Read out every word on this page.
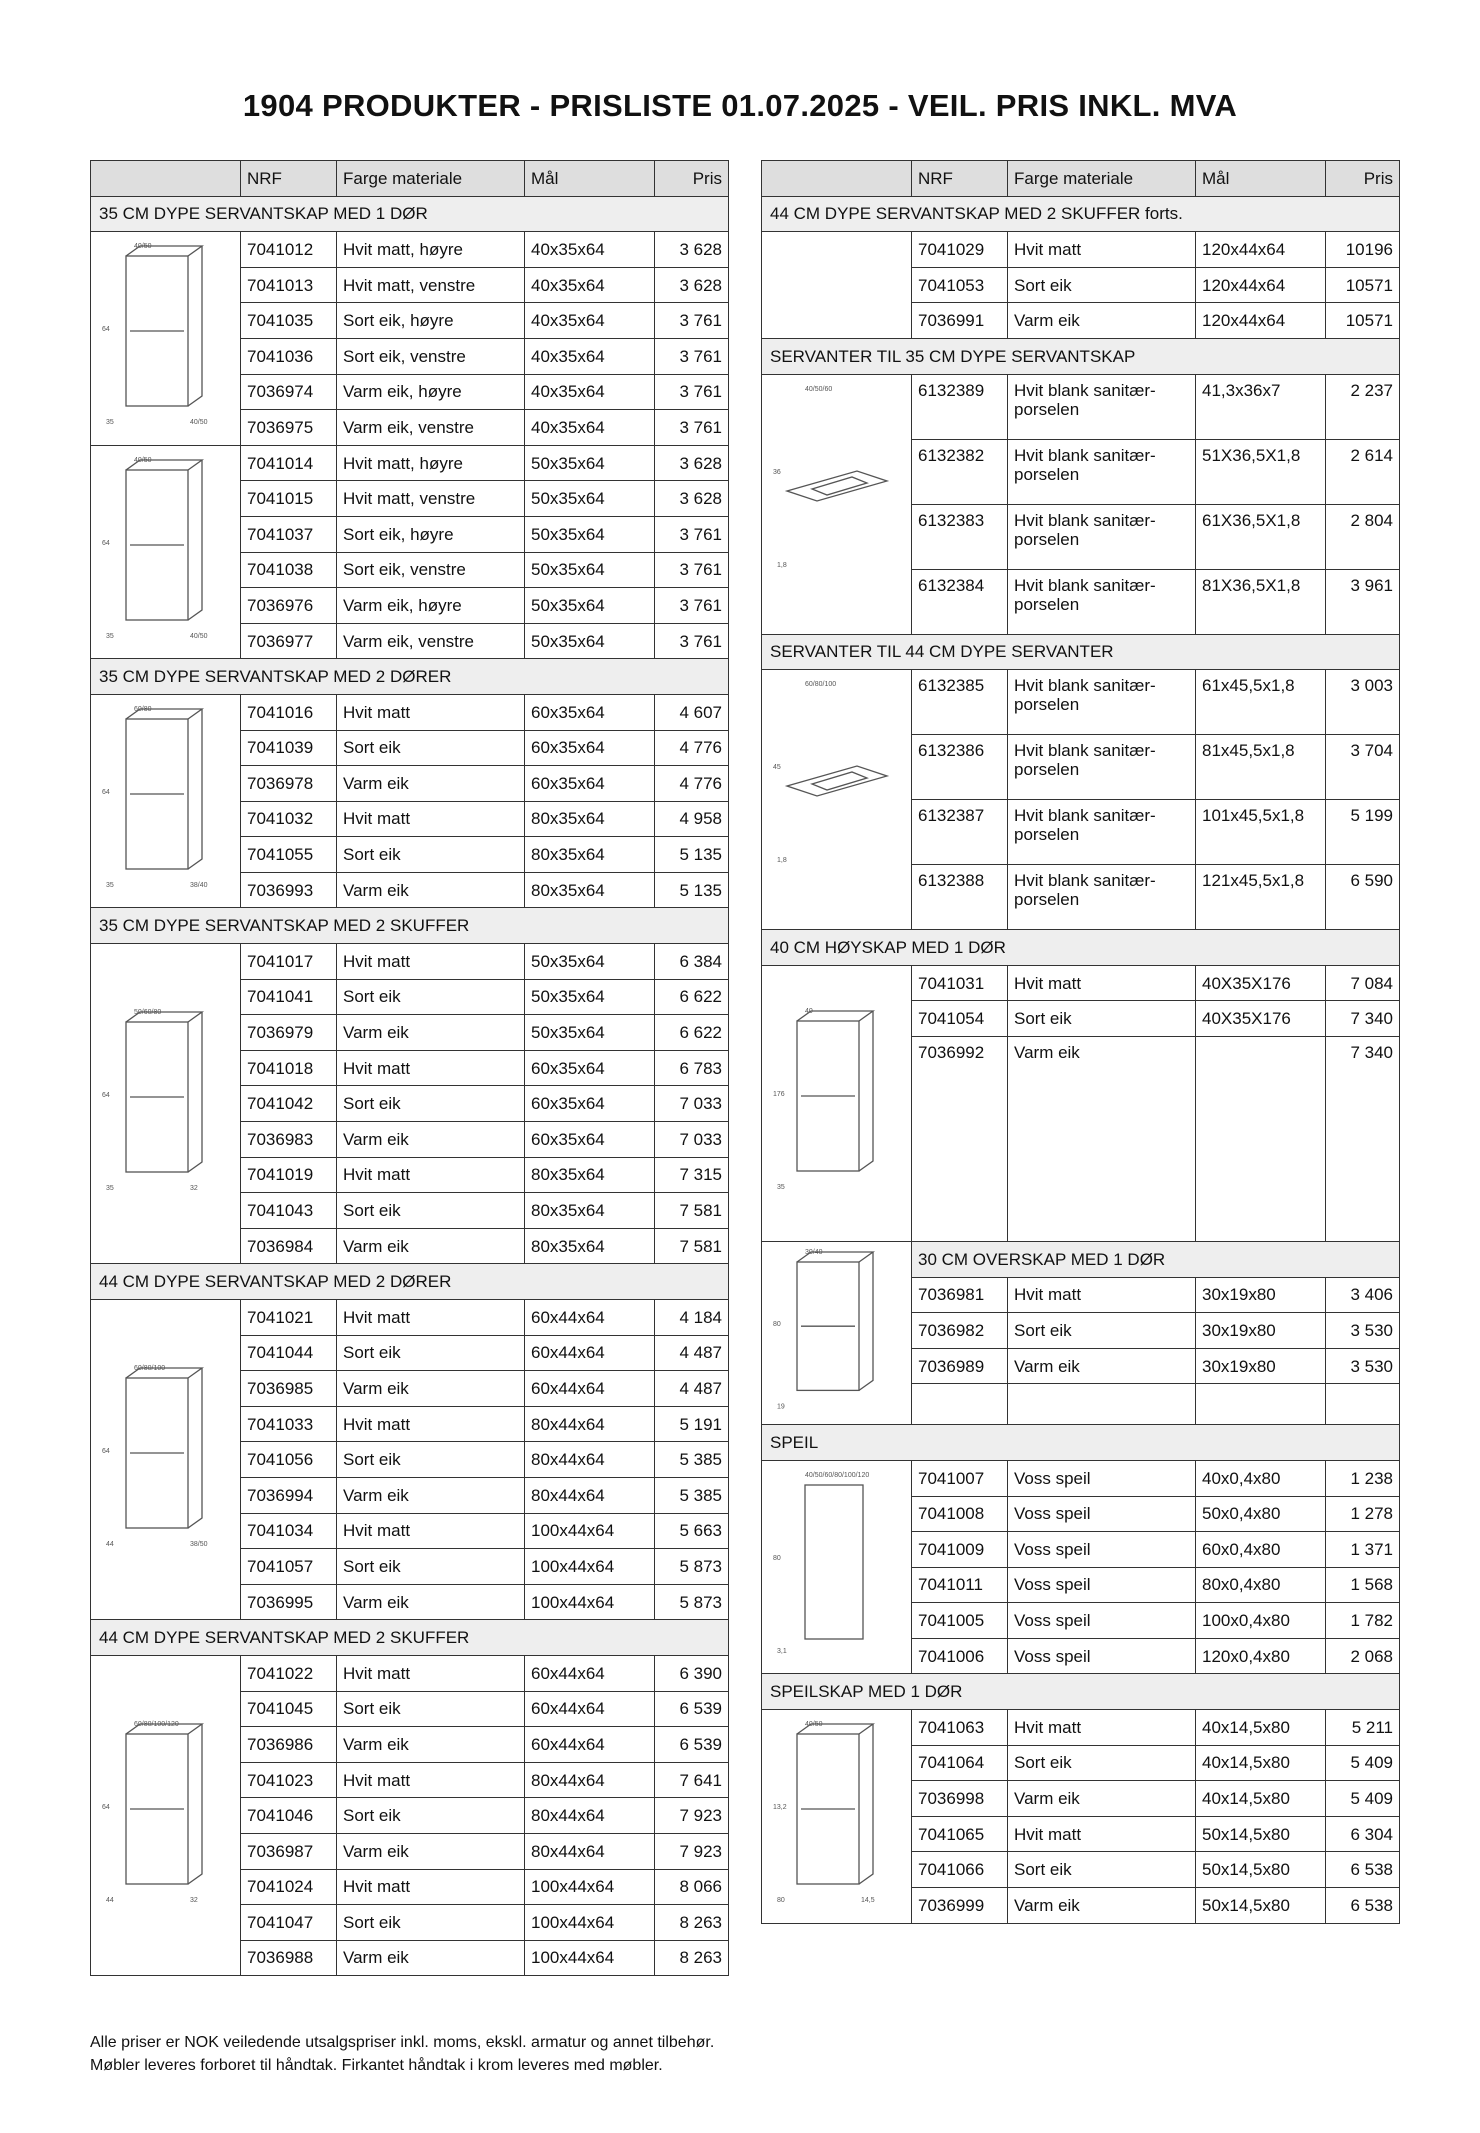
1904 PRODUKTER - PRISLISTE 01.07.2025 - VEIL. PRIS INKL. MVA
	NRF	Farge materiale	Mål	Pris
35 CM DYPE SERVANTSKAP MED 1 DØR				

40/50
64
35 40/50	7041012	Hvit matt, høyre	40x35x64	3 628
	7041013	Hvit matt, venstre	40x35x64	3 628
	7041035	Sort eik, høyre	40x35x64	3 761
	7041036	Sort eik, venstre	40x35x64	3 761
	7036974	Varm eik, høyre	40x35x64	3 761
	7036975	Varm eik, venstre	40x35x64	3 761

40/50
64
35 40/50	7041014	Hvit matt, høyre	50x35x64	3 628
	7041015	Hvit matt, venstre	50x35x64	3 628
	7041037	Sort eik, høyre	50x35x64	3 761
	7041038	Sort eik, venstre	50x35x64	3 761
	7036976	Varm eik, høyre	50x35x64	3 761
	7036977	Varm eik, venstre	50x35x64	3 761
35 CM DYPE SERVANTSKAP MED 2 DØRER				

60/80
64
35 38/40	7041016	Hvit matt	60x35x64	4 607
	7041039	Sort eik	60x35x64	4 776
	7036978	Varm eik	60x35x64	4 776
	7041032	Hvit matt	80x35x64	4 958
	7041055	Sort eik	80x35x64	5 135
	7036993	Varm eik	80x35x64	5 135
35 CM DYPE SERVANTSKAP MED 2 SKUFFER				

50/60/80
64
35 32	7041017	Hvit matt	50x35x64	6 384
	7041041	Sort eik	50x35x64	6 622
	7036979	Varm eik	50x35x64	6 622
	7041018	Hvit matt	60x35x64	6 783
	7041042	Sort eik	60x35x64	7 033
	7036983	Varm eik	60x35x64	7 033
	7041019	Hvit matt	80x35x64	7 315
	7041043	Sort eik	80x35x64	7 581
	7036984	Varm eik	80x35x64	7 581
44 CM DYPE SERVANTSKAP MED 2 DØRER				

60/80/100
64
44 38/50	7041021	Hvit matt	60x44x64	4 184
	7041044	Sort eik	60x44x64	4 487
	7036985	Varm eik	60x44x64	4 487
	7041033	Hvit matt	80x44x64	5 191
	7041056	Sort eik	80x44x64	5 385
	7036994	Varm eik	80x44x64	5 385
	7041034	Hvit matt	100x44x64	5 663
	7041057	Sort eik	100x44x64	5 873
	7036995	Varm eik	100x44x64	5 873
44 CM DYPE SERVANTSKAP MED 2 SKUFFER				

60/80/100/120
64
44 32	7041022	Hvit matt	60x44x64	6 390
	7041045	Sort eik	60x44x64	6 539
	7036986	Varm eik	60x44x64	6 539
	7041023	Hvit matt	80x44x64	7 641
	7041046	Sort eik	80x44x64	7 923
	7036987	Varm eik	80x44x64	7 923
	7041024	Hvit matt	100x44x64	8 066
	7041047	Sort eik	100x44x64	8 263
	7036988	Varm eik	100x44x64	8 263
	NRF	Farge materiale	Mål	Pris
44 CM DYPE SERVANTSKAP MED 2 SKUFFER forts.				
	7041029	Hvit matt	120x44x64	10196
	7041053	Sort eik	120x44x64	10571
	7036991	Varm eik	120x44x64	10571
SERVANTER TIL 35 CM DYPE SERVANTSKAP				

40/50/60
36
1,8	6132389	Hvit blank sanitær-porselen	41,3x36x7	2 237
	6132382	Hvit blank sanitær-porselen	51X36,5X1,8	2 614
	6132383	Hvit blank sanitær-porselen	61X36,5X1,8	2 804
	6132384	Hvit blank sanitær-porselen	81X36,5X1,8	3 961
SERVANTER TIL 44 CM DYPE SERVANTER				

60/80/100
45
1,8	6132385	Hvit blank sanitær-porselen	61x45,5x1,8	3 003
	6132386	Hvit blank sanitær-porselen	81x45,5x1,8	3 704
	6132387	Hvit blank sanitær-porselen	101x45,5x1,8	5 199
	6132388	Hvit blank sanitær-porselen	121x45,5x1,8	6 590
40 CM HØYSKAP MED 1 DØR				

40
176
35	7041031	Hvit matt	40X35X176	7 084
	7041054	Sort eik	40X35X176	7 340
	7036992	Varm eik		7 340

30/40
80
19	30 CM OVERSKAP MED 1 DØR			
	7036981	Hvit matt	30x19x80	3 406
	7036982	Sort eik	30x19x80	3 530
	7036989	Varm eik	30x19x80	3 530

SPEIL				

40/50/60/80/100/120
80
3,1	7041007	Voss speil	40x0,4x80	1 238
	7041008	Voss speil	50x0,4x80	1 278
	7041009	Voss speil	60x0,4x80	1 371
	7041011	Voss speil	80x0,4x80	1 568
	7041005	Voss speil	100x0,4x80	1 782
	7041006	Voss speil	120x0,4x80	2 068
SPEILSKAP MED 1 DØR				

40/50
13,2
80 14,5	7041063	Hvit matt	40x14,5x80	5 211
	7041064	Sort eik	40x14,5x80	5 409
	7036998	Varm eik	40x14,5x80	5 409
	7041065	Hvit matt	50x14,5x80	6 304
	7041066	Sort eik	50x14,5x80	6 538
	7036999	Varm eik	50x14,5x80	6 538
Alle priser er NOK veiledende utsalgspriser inkl. moms, ekskl. armatur og annet tilbehør. Møbler leveres forboret til håndtak. Firkantet håndtak i krom leveres med møbler.
